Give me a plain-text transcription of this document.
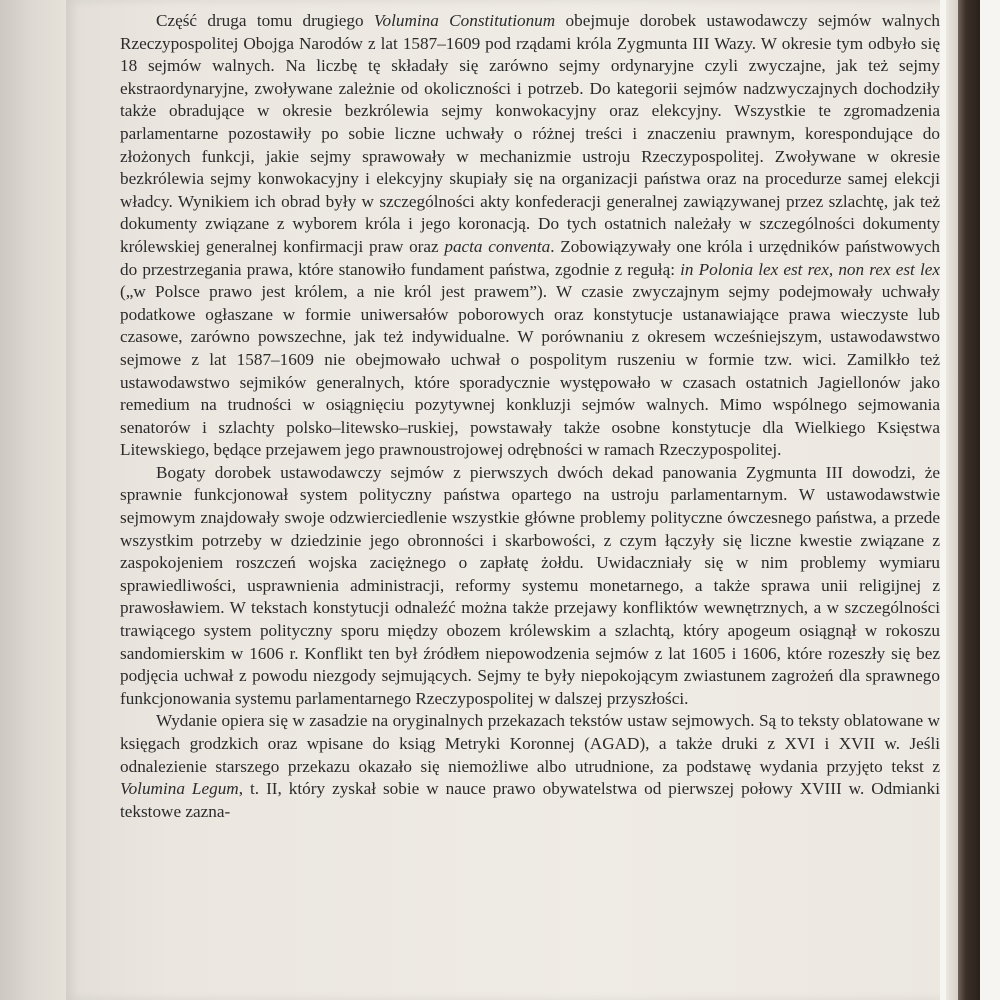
Część druga tomu drugiego Volumina Constitutionum obejmuje dorobek ustawodawczy sejmów walnych Rzeczypospolitej Obojga Narodów z lat 1587–1609 pod rządami króla Zygmunta III Wazy. W okresie tym odbyło się 18 sejmów walnych. Na liczbę tę składały się zarówno sejmy ordynaryjne czyli zwyczajne, jak też sejmy ekstraordynaryjne, zwoływane zależnie od okoliczności i potrzeb. Do kategorii sejmów nadzwyczajnych dochodziły także obradujące w okresie bezkrólewia sejmy konwokacyjny oraz elekcyjny. Wszystkie te zgromadzenia parlamentarne pozostawiły po sobie liczne uchwały o różnej treści i znaczeniu prawnym, korespondujące do złożonych funkcji, jakie sejmy sprawowały w mechanizmie ustroju Rzeczypospolitej. Zwoływane w okresie bezkrólewia sejmy konwokacyjny i elekcyjny skupiały się na organizacji państwa oraz na procedurze samej elekcji władcy. Wynikiem ich obrad były w szczególności akty konfederacji generalnej zawiązywanej przez szlachtę, jak też dokumenty związane z wyborem króla i jego koronacją. Do tych ostatnich należały w szczególności dokumenty królewskiej generalnej konfirmacji praw oraz pacta conventa. Zobowiązywały one króla i urzędników państwowych do przestrzegania prawa, które stanowiło fundament państwa, zgodnie z regułą: in Polonia lex est rex, non rex est lex („w Polsce prawo jest królem, a nie król jest prawem”). W czasie zwyczajnym sejmy podejmowały uchwały podatkowe ogłaszane w formie uniwersałów poborowych oraz konstytucje ustanawiające prawa wieczyste lub czasowe, zarówno powszechne, jak też indywidualne. W porównaniu z okresem wcześniejszym, ustawodawstwo sejmowe z lat 1587–1609 nie obejmowało uchwał o pospolitym ruszeniu w formie tzw. wici. Zamilkło też ustawodawstwo sejmików generalnych, które sporadycznie występowało w czasach ostatnich Jagiellonów jako remedium na trudności w osiągnięciu pozytywnej konkluzji sejmów walnych. Mimo wspólnego sejmowania senatorów i szlachty polsko–litewsko–ruskiej, powstawały także osobne konstytucje dla Wielkiego Księstwa Litewskiego, będące przejawem jego prawnoustrojowej odrębności w ramach Rzeczypospolitej.

Bogaty dorobek ustawodawczy sejmów z pierwszych dwóch dekad panowania Zygmunta III dowodzi, że sprawnie funkcjonował system polityczny państwa opartego na ustroju parlamentarnym. W ustawodawstwie sejmowym znajdowały swoje odzwierciedlenie wszystkie główne problemy polityczne ówczesnego państwa, a przede wszystkim potrzeby w dziedzinie jego obronności i skarbowości, z czym łączyły się liczne kwestie związane z zaspokojeniem roszczeń wojska zaciężnego o zapłatę żołdu. Uwidaczniały się w nim problemy wymiaru sprawiedliwości, usprawnienia administracji, reformy systemu monetarnego, a także sprawa unii religijnej z prawosławiem. W tekstach konstytucji odnaleźć można także przejawy konfliktów wewnętrznych, a w szczególności trawiącego system polityczny sporu między obozem królewskim a szlachtą, który apogeum osiągnął w rokoszu sandomierskim w 1606 r. Konflikt ten był źródłem niepowodzenia sejmów z lat 1605 i 1606, które rozeszły się bez podjęcia uchwał z powodu niezgody sejmujących. Sejmy te były niepokojącym zwiastunem zagrożeń dla sprawnego funkcjonowania systemu parlamentarnego Rzeczypospolitej w dalszej przyszłości.

Wydanie opiera się w zasadzie na oryginalnych przekazach tekstów ustaw sejmowych. Są to teksty oblatowane w księgach grodzkich oraz wpisane do ksiąg Metryki Koronnej (AGAD), a także druki z XVI i XVII w. Jeśli odnalezienie starszego przekazu okazało się niemożliwe albo utrudnione, za podstawę wydania przyjęto tekst z Volumina Legum, t. II, który zyskał sobie w nauce prawo obywatelstwa od pierwszej połowy XVIII w. Odmianki tekstowe zazna-
